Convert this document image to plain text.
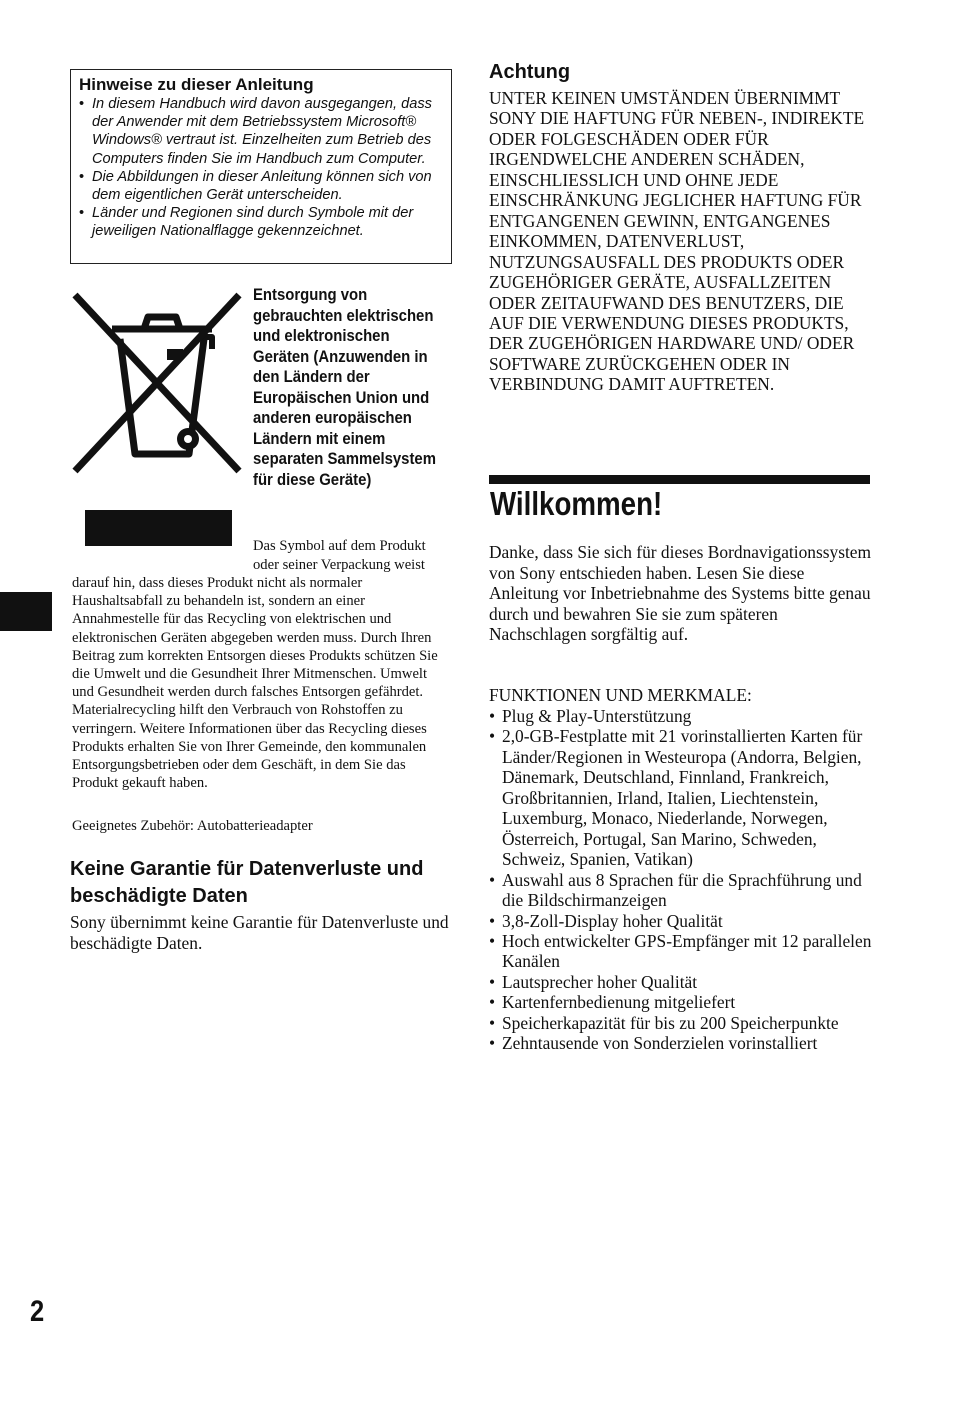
Hinweise zu dieser Anleitung
• In diesem Handbuch wird davon ausgegangen, dass der Anwender mit dem Betriebssystem Microsoft® Windows® vertraut ist. Einzelheiten zum Betrieb des Computers finden Sie im Handbuch zum Computer.
• Die Abbildungen in dieser Anleitung können sich von dem eigentlichen Gerät unterscheiden.
• Länder und Regionen sind durch Symbole mit der jeweiligen Nationalflagge gekennzeichnet.
Entsorgung von gebrauchten elektrischen und elektronischen Geräten (Anzuwenden in den Ländern der Europäischen Union und anderen europäischen Ländern mit einem separaten Sammelsystem für diese Geräte)
Das Symbol auf dem Produkt oder seiner Verpackung weist
darauf hin, dass dieses Produkt nicht als normaler Haushaltsabfall zu behandeln ist, sondern an einer Annahmestelle für das Recycling von elektrischen und elektronischen Geräten abgegeben werden muss. Durch Ihren Beitrag zum korrekten Entsorgen dieses Produkts schützen Sie die Umwelt und die Gesundheit Ihrer Mitmenschen. Umwelt und Gesundheit werden durch falsches Entsorgen gefährdet. Materialrecycling hilft den Verbrauch von Rohstoffen zu verringern. Weitere Informationen über das Recycling dieses Produkts erhalten Sie von Ihrer Gemeinde, den kommunalen Entsorgungsbetrieben oder dem Geschäft, in dem Sie das Produkt gekauft haben.
Geeignetes Zubehör: Autobatterieadapter
Keine Garantie für Datenverluste und beschädigte Daten
Sony übernimmt keine Garantie für Datenverluste und beschädigte Daten.
Achtung
UNTER KEINEN UMSTÄNDEN ÜBERNIMMT SONY DIE HAFTUNG FÜR NEBEN-, INDIREKTE ODER FOLGESCHÄDEN ODER FÜR IRGENDWELCHE ANDEREN SCHÄDEN, EINSCHLIESSLICH UND OHNE JEDE EINSCHRÄNKUNG JEGLICHER HAFTUNG FÜR ENTGANGENEN GEWINN, ENTGANGENES EINKOMMEN, DATENVERLUST, NUTZUNGSAUSFALL DES PRODUKTS ODER ZUGEHÖRIGER GERÄTE, AUSFALLZEITEN ODER ZEITAUFWAND DES BENUTZERS, DIE AUF DIE VERWENDUNG DIESES PRODUKTS, DER ZUGEHÖRIGEN HARDWARE UND/ ODER SOFTWARE ZURÜCKGEHEN ODER IN VERBINDUNG DAMIT AUFTRETEN.
Willkommen!
Danke, dass Sie sich für dieses Bordnavigationssystem von Sony entschieden haben. Lesen Sie diese Anleitung vor Inbetriebnahme des Systems bitte genau durch und bewahren Sie sie zum späteren Nachschlagen sorgfältig auf.
FUNKTIONEN UND MERKMALE:
• Plug & Play-Unterstützung
• 2,0-GB-Festplatte mit 21 vorinstallierten Karten für Länder/Regionen in Westeuropa (Andorra, Belgien, Dänemark, Deutschland, Finnland, Frankreich, Großbritannien, Irland, Italien, Liechtenstein, Luxemburg, Monaco, Niederlande, Norwegen, Österreich, Portugal, San Marino, Schweden, Schweiz, Spanien, Vatikan)
• Auswahl aus 8 Sprachen für die Sprachführung und die Bildschirmanzeigen
• 3,8-Zoll-Display hoher Qualität
• Hoch entwickelter GPS-Empfänger mit 12 parallelen Kanälen
• Lautsprecher hoher Qualität
• Kartenfernbedienung mitgeliefert
• Speicherkapazität für bis zu 200 Speicherpunkte
• Zehntausende von Sonderzielen vorinstalliert
2
